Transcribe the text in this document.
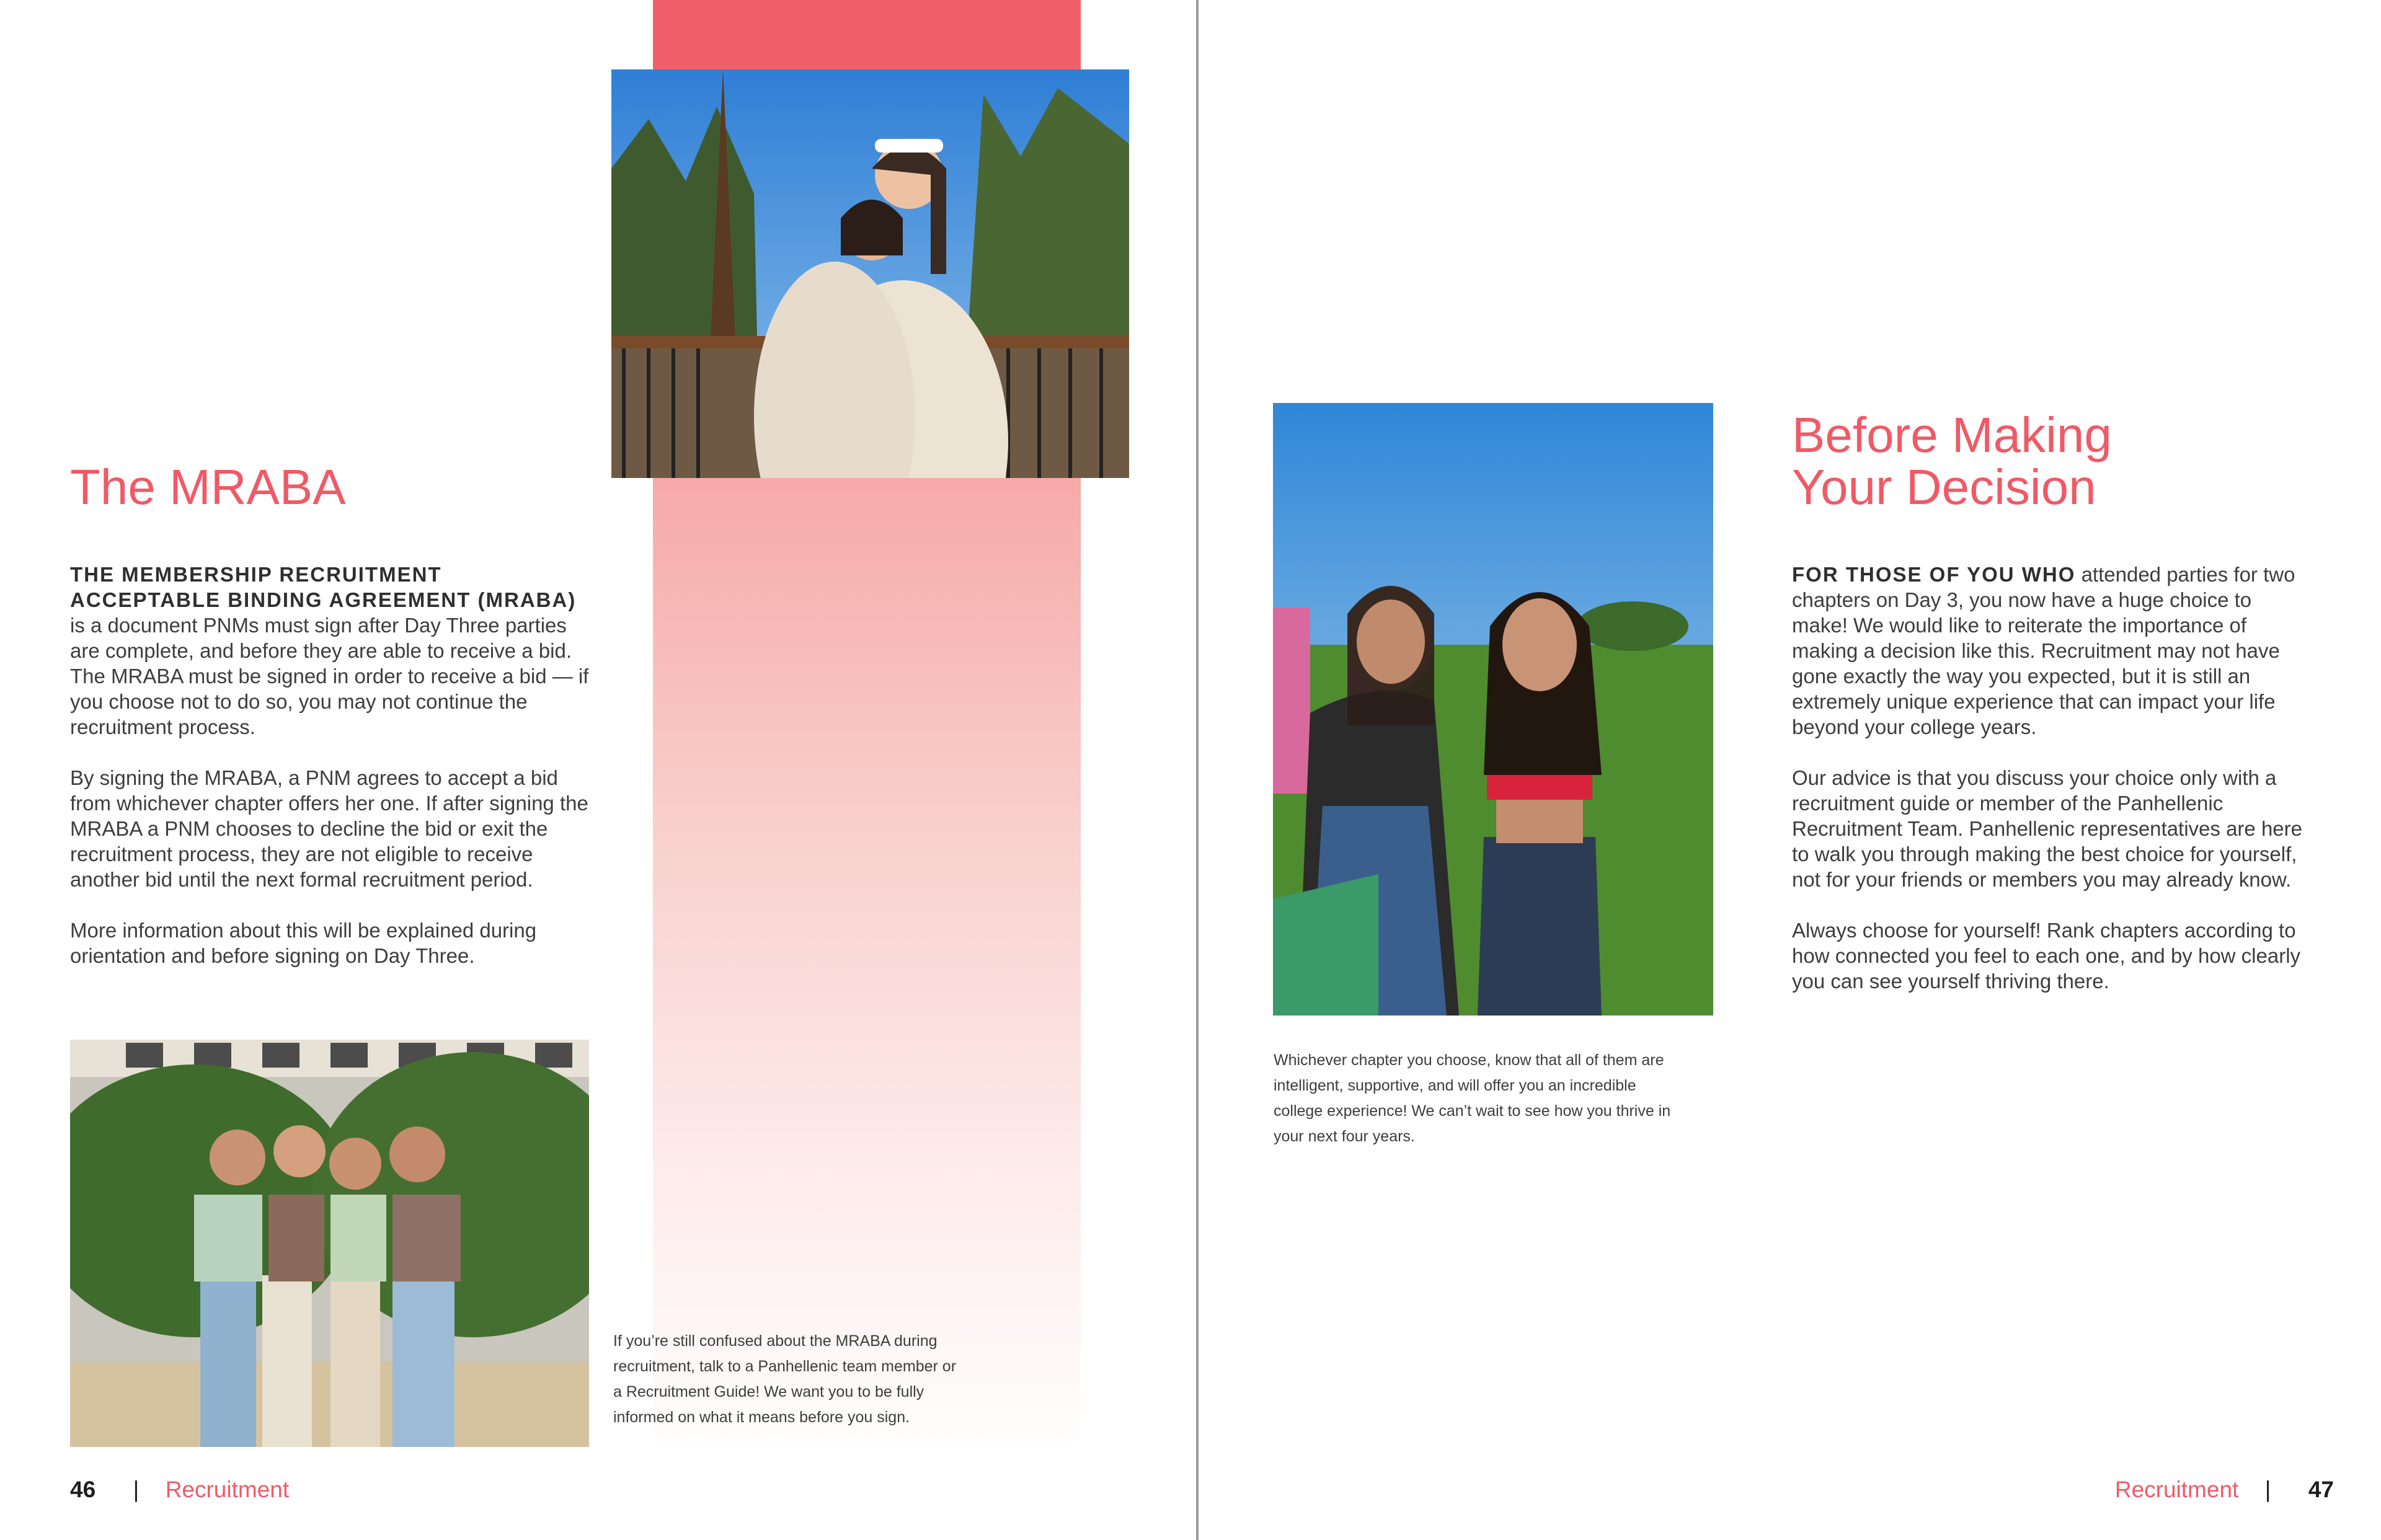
The MRABA
THE MEMBERSHIP RECRUITMENT
ACCEPTABLE BINDING AGREEMENT (MRABA)

is a document PNMs must sign after Day Three parties are complete, and before they are able to receive a bid. The MRABA must be signed in order to receive a bid — if you choose not to do so, you may not continue the recruitment process.

By signing the MRABA, a PNM agrees to accept a bid from whichever chapter offers her one. If after signing the MRABA a PNM chooses to decline the bid or exit the recruitment process, they are not eligible to receive another bid until the next formal recruitment period.

More information about this will be explained during orientation and before signing on Day Three.

If you’re still confused about the MRABA during recruitment, talk to a Panhellenic team member or a Recruitment Guide! We want you to be fully informed on what it means before you sign.
46 | Recruitment
Whichever chapter you choose, know that all of them are intelligent, supportive, and will offer you an incredible college experience! We can’t wait to see how you thrive in your next four years.
Before Making
Your Decision

FOR THOSE OF YOU WHO attended parties for two chapters on Day 3, you now have a huge choice to make! We would like to reiterate the importance of making a decision like this. Recruitment may not have gone exactly the way you expected, but it is still an extremely unique experience that can impact your life beyond your college years.

Our advice is that you discuss your choice only with a recruitment guide or member of the Panhellenic Recruitment Team. Panhellenic representatives are here to walk you through making the best choice for yourself, not for your friends or members you may already know.

Always choose for yourself! Rank chapters according to how connected you feel to each one, and by how clearly you can see yourself thriving there.

Recruitment | 47
